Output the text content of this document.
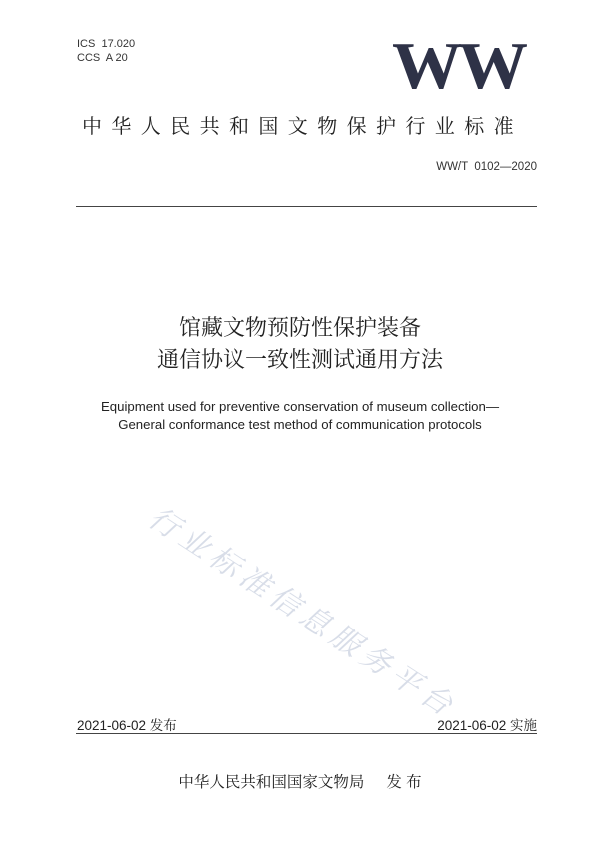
ICS  17.020
CCS  A 20	WW
中华人民共和国文物保护行业标准
WW/T  0102—2020
馆藏文物预防性保护装备
通信协议一致性测试通用方法
Equipment used for preventive conservation of museum collection—
General conformance test method of communication protocols
行业标准信息服务平台
2021-06-02 发布	2021-06-02 实施
中华人民共和国国家文物局 发 布
